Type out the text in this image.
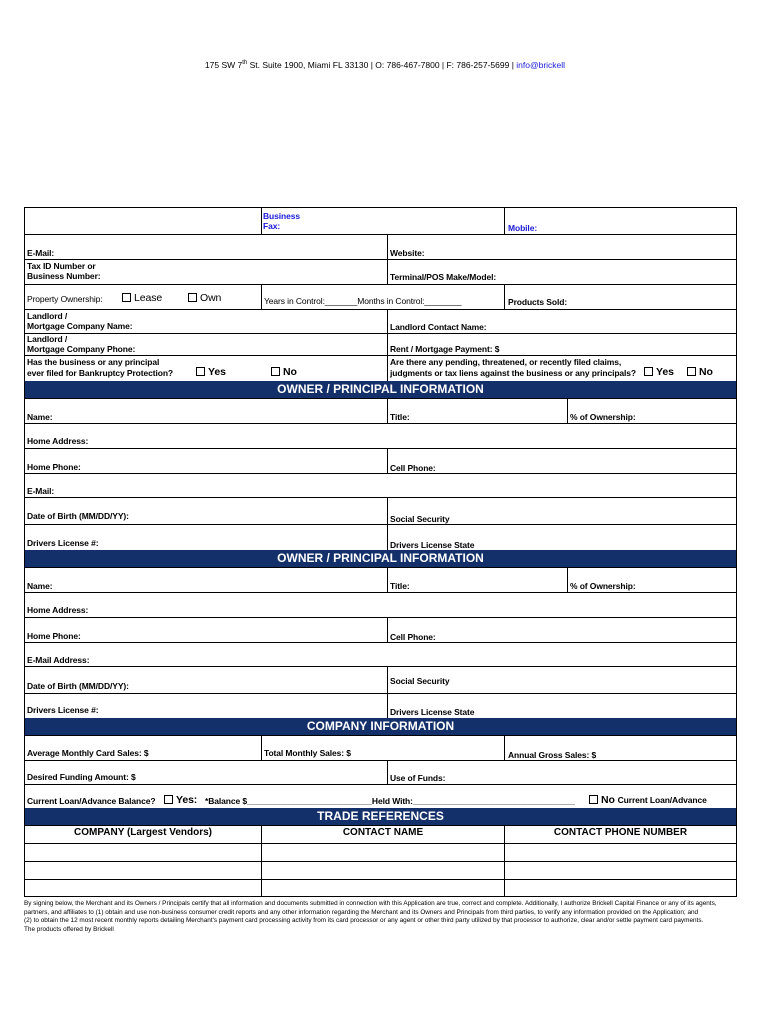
175 SW 7th St. Suite 1900, Miami FL 33130 | O: 786-467-7800 | F: 786-257-5699 | info@brickell
Business
Fax:	Mobile:
E-Mail:	Website:
Tax ID Number or
Business Number:	Terminal/POS Make/Model:
Property Ownership:	Lease	Own	Years in Control:_______Months in Control:________	Products Sold:
Landlord /
Mortgage Company Name:	Landlord Contact Name:
Landlord /
Mortgage Company Phone:	Rent / Mortgage Payment: $
Has the business or any principal
ever filed for Bankruptcy Protection?	Yes	No
Are there any pending, threatened, or recently filed claims,
judgments or tax liens against the business or any principals?	Yes	No
OWNER / PRINCIPAL INFORMATION
Name:	Title:	% of Ownership:
Home Address:
Home Phone:	Cell Phone:
E-Mail:
Date of Birth (MM/DD/YY):	Social Security
Drivers License #:	Drivers License State
OWNER / PRINCIPAL INFORMATION
Name:	Title:	% of Ownership:
Home Address:
Home Phone:	Cell Phone:
E-Mail Address:
Date of Birth (MM/DD/YY):	Social Security
Drivers License #:	Drivers License State
COMPANY INFORMATION
Average Monthly Card Sales: $	Total Monthly Sales: $	Annual Gross Sales: $
Desired Funding Amount: $	Use of Funds:
Current Loan/Advance Balance?	Yes: *Balance $___________________________Held With:___________________________________	No Current Loan/Advance
TRADE REFERENCES
COMPANY (Largest Vendors)	CONTACT NAME	CONTACT PHONE NUMBER
By signing below, the Merchant and its Owners / Principals certify that all information and documents submitted in connection with this Application are true, correct and complete. Additionally, I authorize Brickell Capital Finance or any of its agents,
partners, and affiliates to (1) obtain and use non-business consumer credit reports and any other information regarding the Merchant and its Owners and Principals from third parties, to verify any information provided on the Application; and
(2) to obtain the 12 most recent monthly reports detailing Merchant's payment card processing activity from its card processor or any agent or other third party utilized by that processor to authorize, clear and/or settle payment card payments.
The products offered by Brickell
